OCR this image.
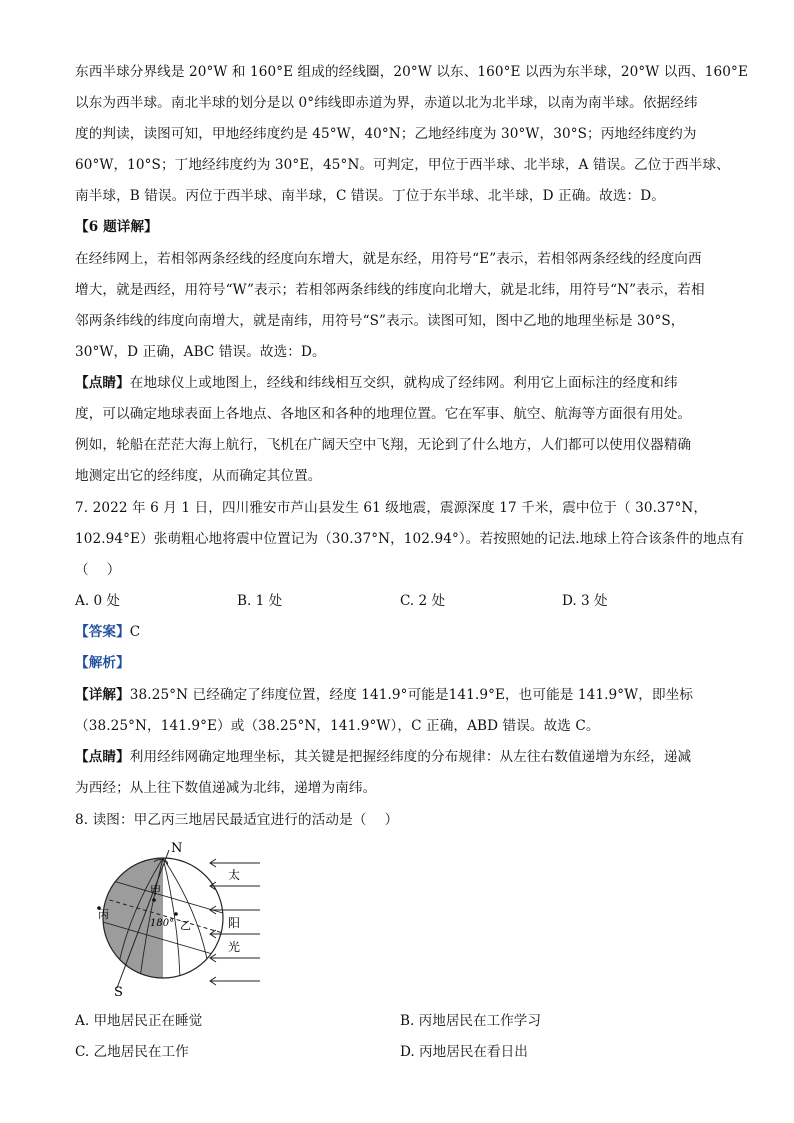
东西半球分界线是 20°W 和 160°E 组成的经线圈，20°W 以东、160°E 以西为东半球，20°W 以西、160°E
以东为西半球。南北半球的划分是以 0°纬线即赤道为界，赤道以北为北半球，以南为南半球。依据经纬
度的判读，读图可知，甲地经纬度约是 45°W，40°N；乙地经纬度为 30°W，30°S；丙地经纬度约为
60°W，10°S；丁地经纬度约为 30°E，45°N。可判定，甲位于西半球、北半球，A 错误。乙位于西半球、
南半球，B 错误。丙位于西半球、南半球，C 错误。丁位于东半球、北半球，D 正确。故选：D。
【6 题详解】
在经纬网上，若相邻两条经线的经度向东增大，就是东经，用符号“E”表示，若相邻两条经线的经度向西
增大，就是西经，用符号“W”表示；若相邻两条纬线的纬度向北增大，就是北纬，用符号“N”表示，若相
邻两条纬线的纬度向南增大，就是南纬，用符号“S”表示。读图可知，图中乙地的地理坐标是 30°S，
30°W，D 正确，ABC 错误。故选：D。
【点睛】在地球仪上或地图上，经线和纬线相互交织，就构成了经纬网。利用它上面标注的经度和纬
度，可以确定地球表面上各地点、各地区和各种的地理位置。它在军事、航空、航海等方面很有用处。
例如，轮船在茫茫大海上航行，飞机在广阔天空中飞翔，无论到了什么地方，人们都可以使用仪器精确
地测定出它的经纬度，从而确定其位置。
7. 2022 年 6 月 1 日，四川雅安市芦山县发生 61 级地震，震源深度 17 千米，震中位于（ 30.37°N，
102.94°E）张萌粗心地将震中位置记为（30.37°N，102.94°）。若按照她的记法.地球上符合该条件的地点有
（　 ）
A. 0 处	B. 1 处	C. 2 处	D. 3 处
【答案】C
【解析】
【详解】38.25°N 已经确定了纬度位置，经度 141.9°可能是141.9°E，也可能是 141.9°W，即坐标
（38.25°N，141.9°E）或（38.25°N，141.9°W），C 正确，ABD 错误。故选 C。
【点睛】利用经纬网确定地理坐标，其关键是把握经纬度的分布规律：从左往右数值递增为东经，递减
为西经；从上往下数值递减为北纬，递增为南纬。
8. 读图：甲乙丙三地居民最适宜进行的活动是（　 ）
N
S
甲
乙
丙
180°
太
阳
光
A. 甲地居民正在睡觉	B. 丙地居民在工作学习
C. 乙地居民在工作	D. 丙地居民在看日出
